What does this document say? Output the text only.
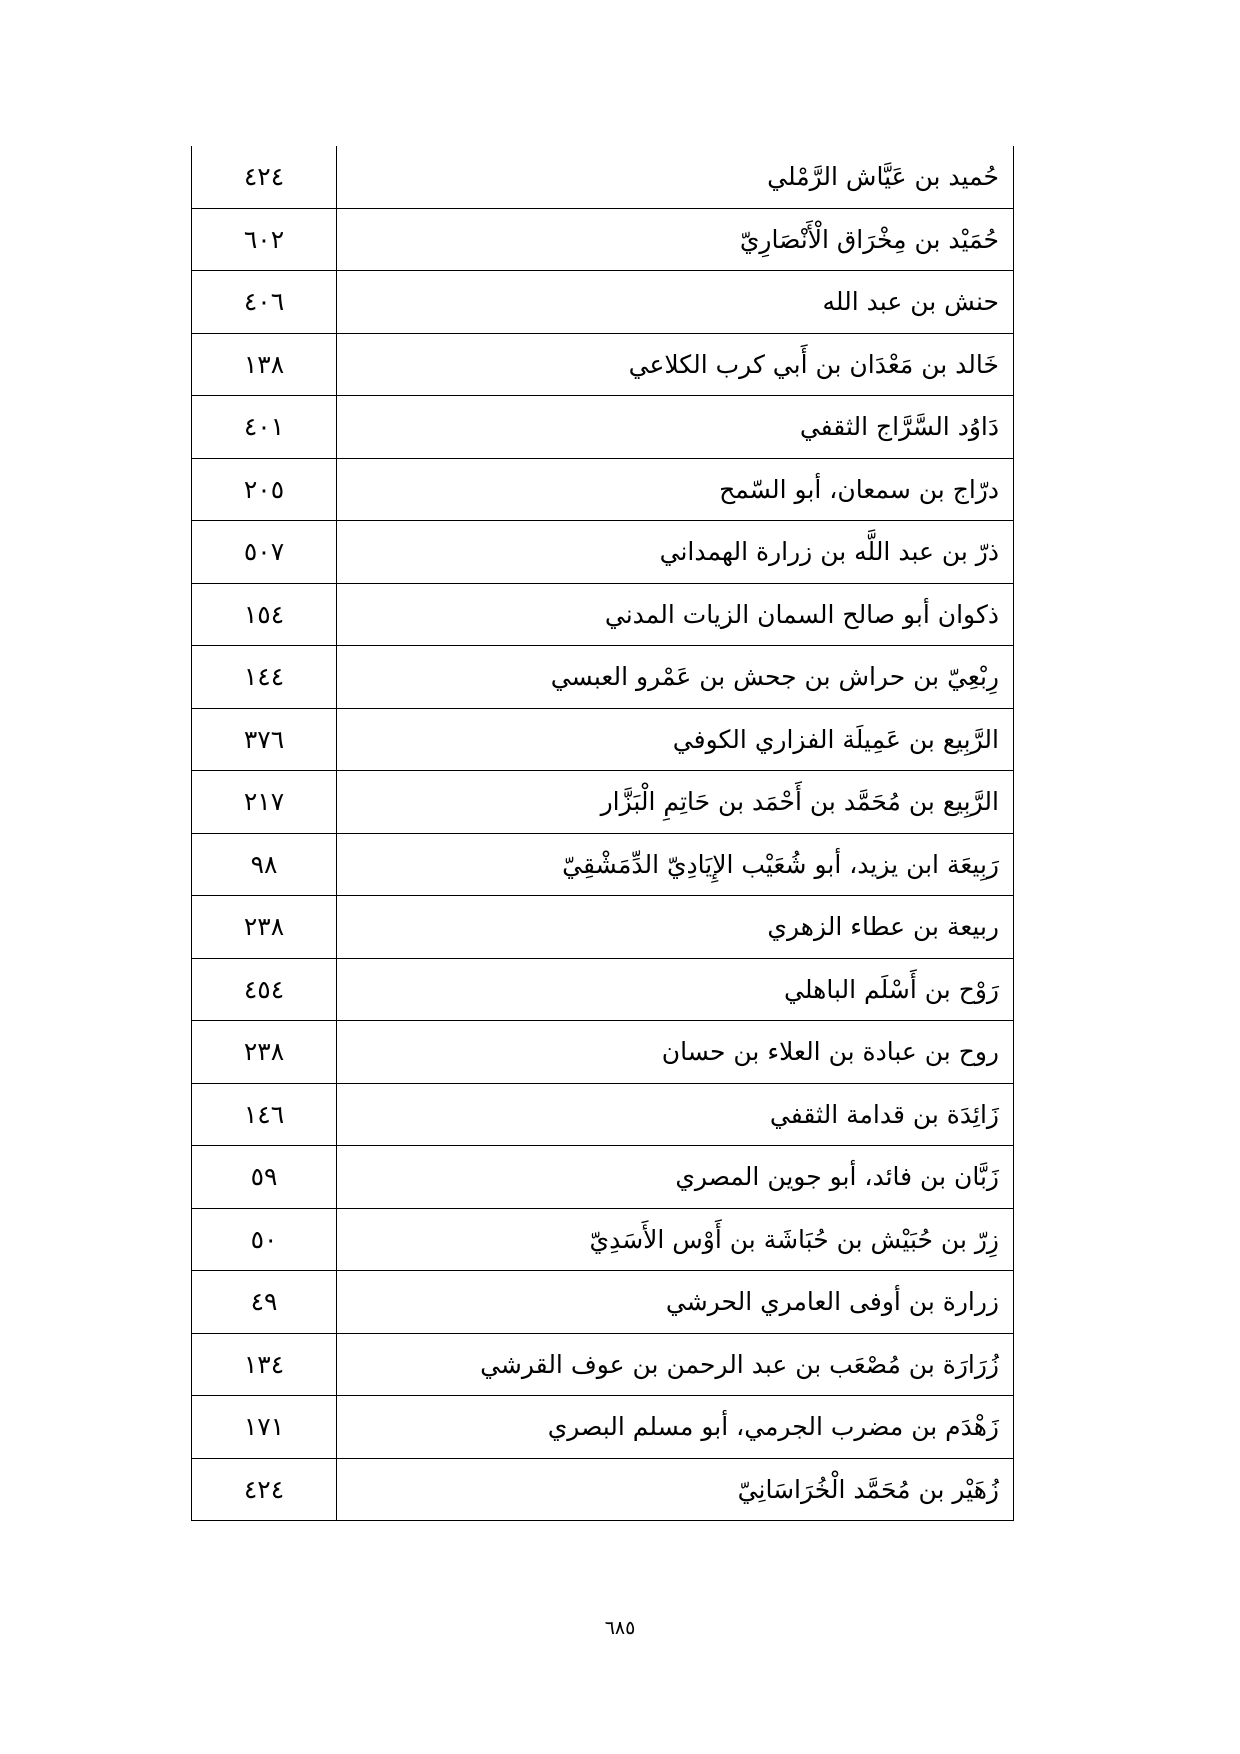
حُميد بن عَيَّاش الرَّمْلي	٤٢٤
حُمَيْد بن مِخْرَاق الْأَنْصَارِيّ	٦٠٢
حنش بن عبد الله	٤٠٦
خَالد بن مَعْدَان بن أَبي كرب الكلاعي	١٣٨
دَاوُد السَّرَّاج الثقفي	٤٠١
درّاج بن سمعان، أبو السّمح	٢٠٥
ذرّ بن عبد اللَّه بن زرارة الهمداني	٥٠٧
ذكوان أبو صالح السمان الزيات المدني	١٥٤
رِبْعِيّ بن حراش بن جحش بن عَمْرو العبسي	١٤٤
الرَّبِيع بن عَمِيلَة الفزاري الكوفي	٣٧٦
الرَّبِيع بن مُحَمَّد بن أَحْمَد بن حَاتِمِ الْبَزَّار	٢١٧
رَبِيعَة ابن يزيد، أبو شُعَيْب الإِيَادِيّ الدِّمَشْقِيّ	٩٨
ربيعة بن عطاء الزهري	٢٣٨
رَوْح بن أَسْلَم الباهلي	٤٥٤
روح بن عبادة بن العلاء بن حسان	٢٣٨
زَائِدَة بن قدامة الثقفي	١٤٦
زَبَّان بن فائد، أبو جوين المصري	٥٩
زِرّ بن حُبَيْش بن حُبَاشَة بن أَوْس الأَسَدِيّ	٥٠
زرارة بن أوفى العامري الحرشي	٤٩
زُرَارَة بن مُصْعَب بن عبد الرحمن بن عوف القرشي	١٣٤
زَهْدَم بن مضرب الجرمي، أبو مسلم البصري	١٧١
زُهَيْر بن مُحَمَّد الْخُرَاسَانِيّ	٤٢٤
٦٨٥
